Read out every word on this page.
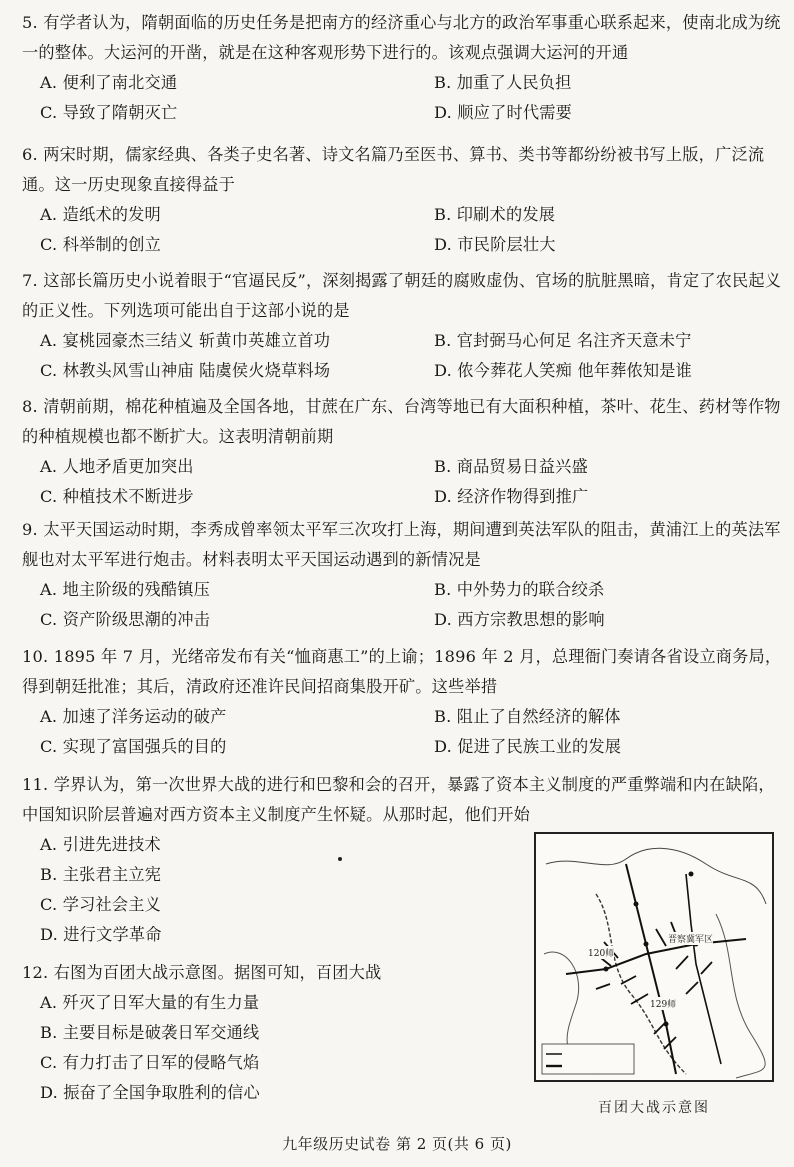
5. 有学者认为，隋朝面临的历史任务是把南方的经济重心与北方的政治军事重心联系起来，使南北成为统一的整体。大运河的开凿，就是在这种客观形势下进行的。该观点强调大运河的开通
A. 便利了南北交通	B. 加重了人民负担
C. 导致了隋朝灭亡	D. 顺应了时代需要
6. 两宋时期，儒家经典、各类子史名著、诗文名篇乃至医书、算书、类书等都纷纷被书写上版，广泛流通。这一历史现象直接得益于
A. 造纸术的发明	B. 印刷术的发展
C. 科举制的创立	D. 市民阶层壮大
7. 这部长篇历史小说着眼于“官逼民反”，深刻揭露了朝廷的腐败虚伪、官场的肮脏黑暗，肯定了农民起义的正义性。下列选项可能出自于这部小说的是
A. 宴桃园豪杰三结义 斩黄巾英雄立首功	B. 官封弼马心何足 名注齐天意未宁
C. 林教头风雪山神庙 陆虞侯火烧草料场	D. 侬今葬花人笑痴 他年葬侬知是谁
8. 清朝前期，棉花种植遍及全国各地，甘蔗在广东、台湾等地已有大面积种植，茶叶、花生、药材等作物的种植规模也都不断扩大。这表明清朝前期
A. 人地矛盾更加突出	B. 商品贸易日益兴盛
C. 种植技术不断进步	D. 经济作物得到推广
9. 太平天国运动时期，李秀成曾率领太平军三次攻打上海，期间遭到英法军队的阻击，黄浦江上的英法军舰也对太平军进行炮击。材料表明太平天国运动遇到的新情况是
A. 地主阶级的残酷镇压	B. 中外势力的联合绞杀
C. 资产阶级思潮的冲击	D. 西方宗教思想的影响
10. 1895 年 7 月，光绪帝发布有关“恤商惠工”的上谕；1896 年 2 月，总理衙门奏请各省设立商务局，得到朝廷批准；其后，清政府还准许民间招商集股开矿。这些举措
A. 加速了洋务运动的破产	B. 阻止了自然经济的解体
C. 实现了富国强兵的目的	D. 促进了民族工业的发展
11. 学界认为，第一次世界大战的进行和巴黎和会的召开，暴露了资本主义制度的严重弊端和内在缺陷，中国知识阶层普遍对西方资本主义制度产生怀疑。从那时起，他们开始
A. 引进先进技术
B. 主张君主立宪
C. 学习社会主义
D. 进行文学革命
12. 右图为百团大战示意图。据图可知，百团大战
A. 歼灭了日军大量的有生力量
B. 主要目标是破袭日军交通线
C. 有力打击了日军的侵略气焰
D. 振奋了全国争取胜利的信心
晋察冀军区
120师
129师
百团大战示意图
九年级历史试卷 第 2 页(共 6 页)
